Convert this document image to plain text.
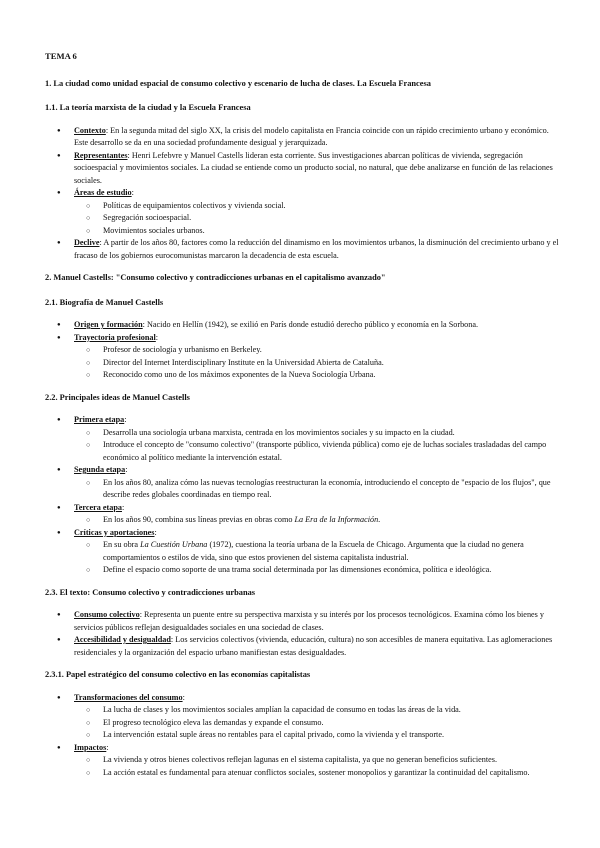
TEMA 6
1. La ciudad como unidad espacial de consumo colectivo y escenario de lucha de clases. La Escuela Francesa
1.1. La teoría marxista de la ciudad y la Escuela Francesa
● Contexto: En la segunda mitad del siglo XX, la crisis del modelo capitalista en Francia coincide con un rápido crecimiento urbano y económico. Este desarrollo se da en una sociedad profundamente desigual y jerarquizada.
● Representantes: Henri Lefebvre y Manuel Castells lideran esta corriente. Sus investigaciones abarcan políticas de vivienda, segregación socioespacial y movimientos sociales. La ciudad se entiende como un producto social, no natural, que debe analizarse en función de las relaciones sociales.
● Áreas de estudio:
○ Políticas de equipamientos colectivos y vivienda social.
○ Segregación socioespacial.
○ Movimientos sociales urbanos.
● Declive: A partir de los años 80, factores como la reducción del dinamismo en los movimientos urbanos, la disminución del crecimiento urbano y el fracaso de los gobiernos eurocomunistas marcaron la decadencia de esta escuela.
2. Manuel Castells: "Consumo colectivo y contradicciones urbanas en el capitalismo avanzado"
2.1. Biografía de Manuel Castells
● Origen y formación: Nacido en Hellín (1942), se exilió en París donde estudió derecho público y economía en la Sorbona.
● Trayectoria profesional:
○ Profesor de sociología y urbanismo en Berkeley.
○ Director del Internet Interdisciplinary Institute en la Universidad Abierta de Cataluña.
○ Reconocido como uno de los máximos exponentes de la Nueva Sociología Urbana.
2.2. Principales ideas de Manuel Castells
● Primera etapa:
○ Desarrolla una sociología urbana marxista, centrada en los movimientos sociales y su impacto en la ciudad.
○ Introduce el concepto de "consumo colectivo" (transporte público, vivienda pública) como eje de luchas sociales trasladadas del campo económico al político mediante la intervención estatal.
● Segunda etapa:
○ En los años 80, analiza cómo las nuevas tecnologías reestructuran la economía, introduciendo el concepto de "espacio de los flujos", que describe redes globales coordinadas en tiempo real.
● Tercera etapa:
○ En los años 90, combina sus líneas previas en obras como La Era de la Información.
● Críticas y aportaciones:
○ En su obra La Cuestión Urbana (1972), cuestiona la teoría urbana de la Escuela de Chicago. Argumenta que la ciudad no genera comportamientos o estilos de vida, sino que estos provienen del sistema capitalista industrial.
○ Define el espacio como soporte de una trama social determinada por las dimensiones económica, política e ideológica.
2.3. El texto: Consumo colectivo y contradicciones urbanas
● Consumo colectivo: Representa un puente entre su perspectiva marxista y su interés por los procesos tecnológicos. Examina cómo los bienes y servicios públicos reflejan desigualdades sociales en una sociedad de clases.
● Accesibilidad y desigualdad: Los servicios colectivos (vivienda, educación, cultura) no son accesibles de manera equitativa. Las aglomeraciones residenciales y la organización del espacio urbano manifiestan estas desigualdades.
2.3.1. Papel estratégico del consumo colectivo en las economías capitalistas
● Transformaciones del consumo:
○ La lucha de clases y los movimientos sociales amplían la capacidad de consumo en todas las áreas de la vida.
○ El progreso tecnológico eleva las demandas y expande el consumo.
○ La intervención estatal suple áreas no rentables para el capital privado, como la vivienda y el transporte.
● Impactos:
○ La vivienda y otros bienes colectivos reflejan lagunas en el sistema capitalista, ya que no generan beneficios suficientes.
○ La acción estatal es fundamental para atenuar conflictos sociales, sostener monopolios y garantizar la continuidad del capitalismo.
